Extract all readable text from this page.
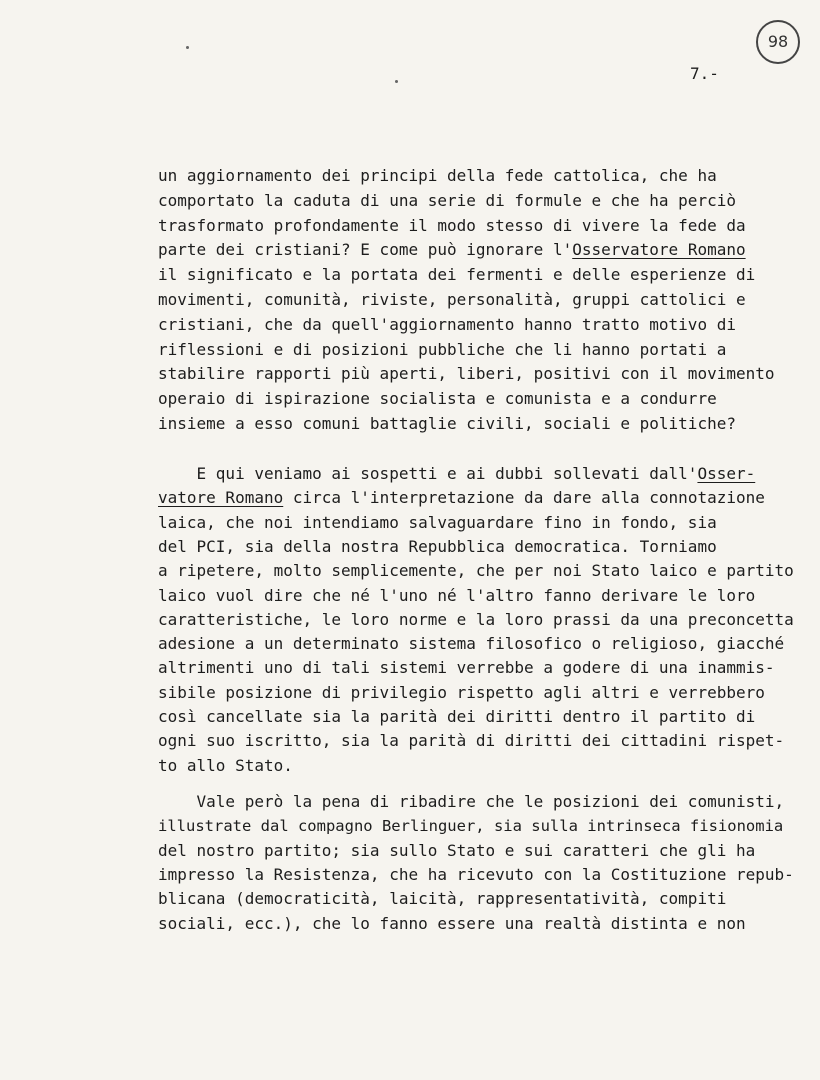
98
7.-

un aggiornamento dei principi della fede cattolica, che ha

comportato la caduta di una serie di formule e che ha perciò

trasformato profondamente il modo stesso di vivere la fede da

parte dei cristiani? E come può ignorare l'Osservatore Romano

il significato e la portata dei fermenti e delle esperienze di

movimenti, comunità, riviste, personalità, gruppi cattolici e

cristiani, che da quell'aggiornamento hanno tratto motivo di

riflessioni e di posizioni pubbliche che li hanno portati a

stabilire rapporti più aperti, liberi, positivi con il movimento

operaio di ispirazione socialista e comunista e a condurre

insieme a esso comuni battaglie civili, sociali e politiche?

E qui veniamo ai sospetti e ai dubbi sollevati dall'Osser-

vatore Romano circa l'interpretazione da dare alla connotazione

laica, che noi intendiamo salvaguardare fino in fondo, sia

del PCI, sia della nostra Repubblica democratica. Torniamo

a ripetere, molto semplicemente, che per noi Stato laico e partito

laico vuol dire che né l'uno né l'altro fanno derivare le loro

caratteristiche, le loro norme e la loro prassi da una preconcetta

adesione a un determinato sistema filosofico o religioso, giacché

altrimenti uno di tali sistemi verrebbe a godere di una inammis-

sibile posizione di privilegio rispetto agli altri e verrebbero

così cancellate sia la parità dei diritti dentro il partito di

ogni suo iscritto, sia la parità di diritti dei cittadini rispet-

to allo Stato.

Vale però la pena di ribadire che le posizioni dei comunisti,

illustrate dal compagno Berlinguer, sia sulla intrinseca fisionomia

del nostro partito; sia sullo Stato e sui caratteri che gli ha

impresso la Resistenza, che ha ricevuto con la Costituzione repub-

blicana (democraticità, laicità, rappresentatività, compiti

sociali, ecc.), che lo fanno essere una realtà distinta e non
